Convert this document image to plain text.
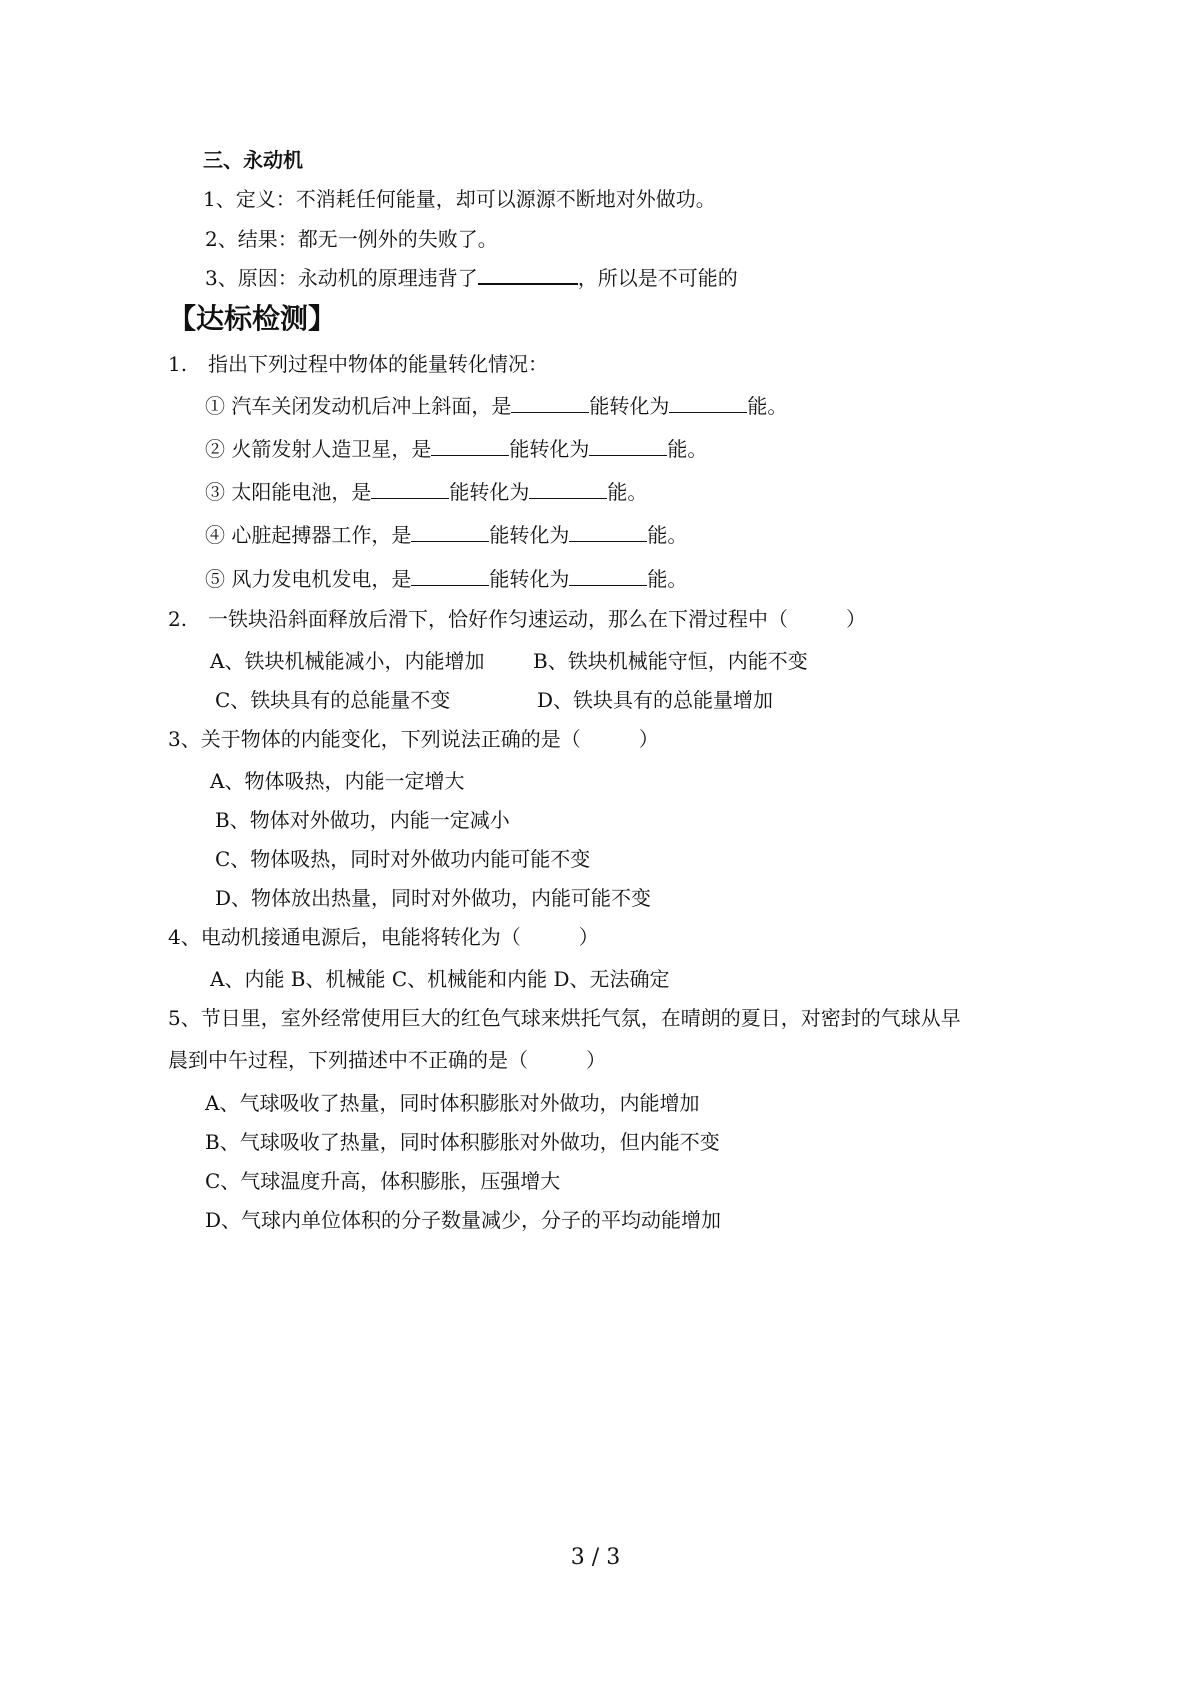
三、永动机
1、定义：不消耗任何能量，却可以源源不断地对外做功。
2、结果：都无一例外的失败了。
3、原因：永动机的原理违背了	，所以是不可能的
【达标检测】
1. 指出下列过程中物体的能量转化情况：
① 汽车关闭发动机后冲上斜面，是	能转化为	能。
② 火箭发射人造卫星，是	能转化为	能。
③ 太阳能电池，是	能转化为	能。
④ 心脏起搏器工作，是	能转化为	能。
⑤ 风力发电机发电，是	能转化为	能。
2. 一铁块沿斜面释放后滑下，恰好作匀速运动，那么在下滑过程中（	）
A、铁块机械能减小，内能增加 B、铁块机械能守恒，内能不变
C、铁块具有的总能量不变	D、铁块具有的总能量增加
3、关于物体的内能变化，下列说法正确的是（	）
A、物体吸热，内能一定增大
B、物体对外做功，内能一定减小
C、物体吸热，同时对外做功内能可能不变
D、物体放出热量，同时对外做功，内能可能不变
4、电动机接通电源后，电能将转化为（	）
A、内能 B、机械能 C、机械能和内能 D、无法确定
5、节日里，室外经常使用巨大的红色气球来烘托气氛，在晴朗的夏日，对密封的气球从早
晨到中午过程，下列描述中不正确的是（	）
A、气球吸收了热量，同时体积膨胀对外做功，内能增加
B、气球吸收了热量，同时体积膨胀对外做功，但内能不变
C、气球温度升高，体积膨胀，压强增大
D、气球内单位体积的分子数量减少，分子的平均动能增加
3 / 3
